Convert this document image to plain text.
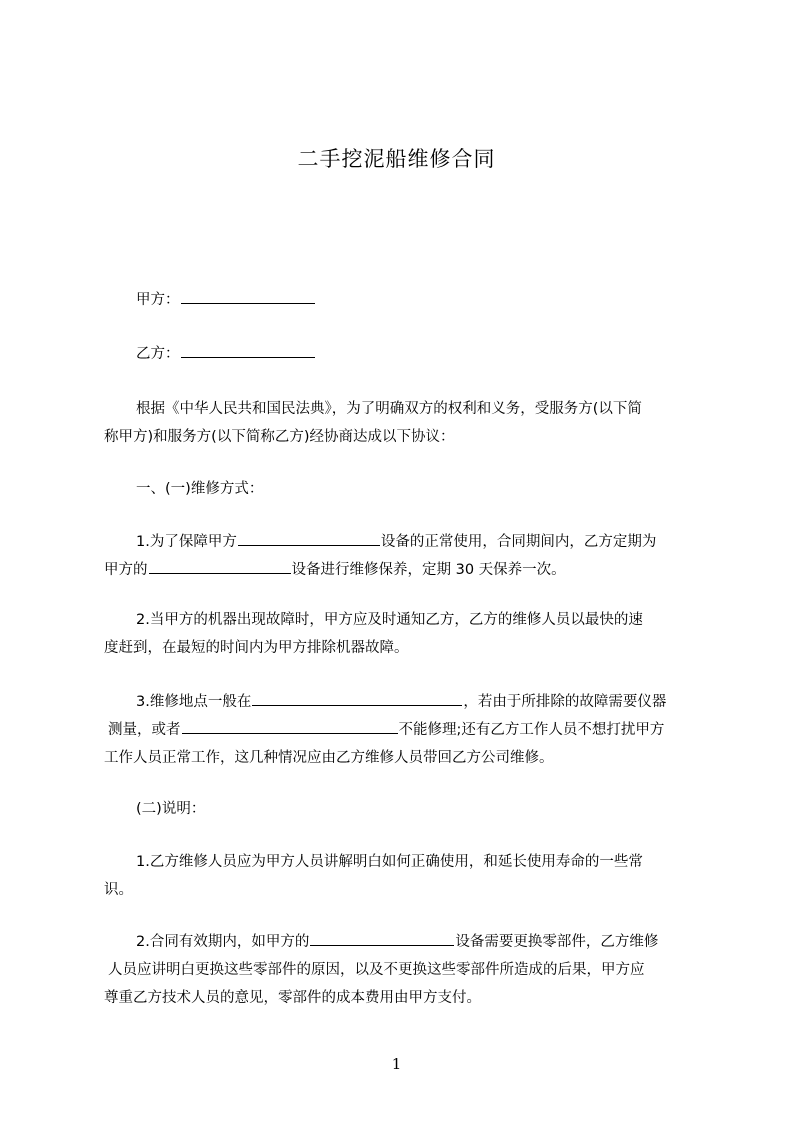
二手挖泥船维修合同
甲方：
乙方：
根据《中华人民共和国民法典》，为了明确双方的权利和义务，受服务方(以下简
称甲方)和服务方(以下简称乙方)经协商达成以下协议：
一、(一)维修方式：
1.为了保障甲方	设备的正常使用，合同期间内，乙方定期为
甲方的	设备进行维修保养，定期 30 天保养一次。
2.当甲方的机器出现故障时，甲方应及时通知乙方，乙方的维修人员以最快的速
度赶到，在最短的时间内为甲方排除机器故障。
3.维修地点一般在	，若由于所排除的故障需要仪器
测量，或者	不能修理;还有乙方工作人员不想打扰甲方
工作人员正常工作，这几种情况应由乙方维修人员带回乙方公司维修。
(二)说明：
1.乙方维修人员应为甲方人员讲解明白如何正确使用，和延长使用寿命的一些常
识。
2.合同有效期内，如甲方的	设备需要更换零部件，乙方维修
人员应讲明白更换这些零部件的原因，以及不更换这些零部件所造成的后果，甲方应
尊重乙方技术人员的意见，零部件的成本费用由甲方支付。
1
